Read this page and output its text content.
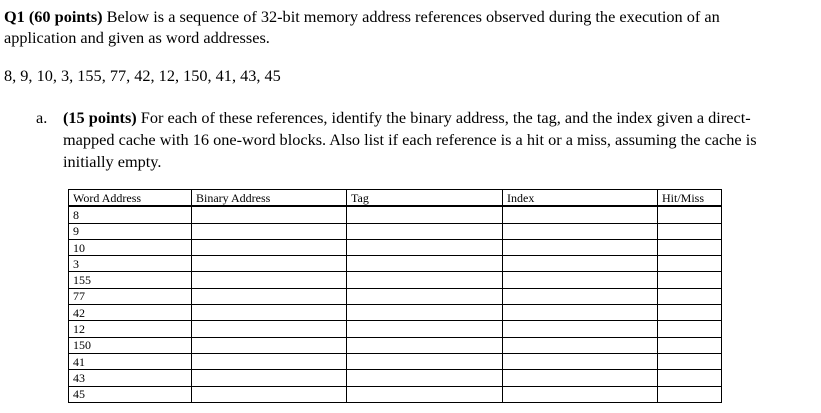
Q1 (60 points) Below is a sequence of 32-bit memory address references observed during the execution of an
application and given as word addresses.
8, 9, 10, 3, 155, 77, 42, 12, 150, 41, 43, 45
a. (15 points) For each of these references, identify the binary address, the tag, and the index given a direct-
mapped cache with 16 one-word blocks. Also list if each reference is a hit or a miss, assuming the cache is
initially empty.
Word Address	Binary Address	Tag	Index	Hit/Miss
8				
9				
10				
3				
155				
77				
42				
12				
150				
41				
43				
45				
